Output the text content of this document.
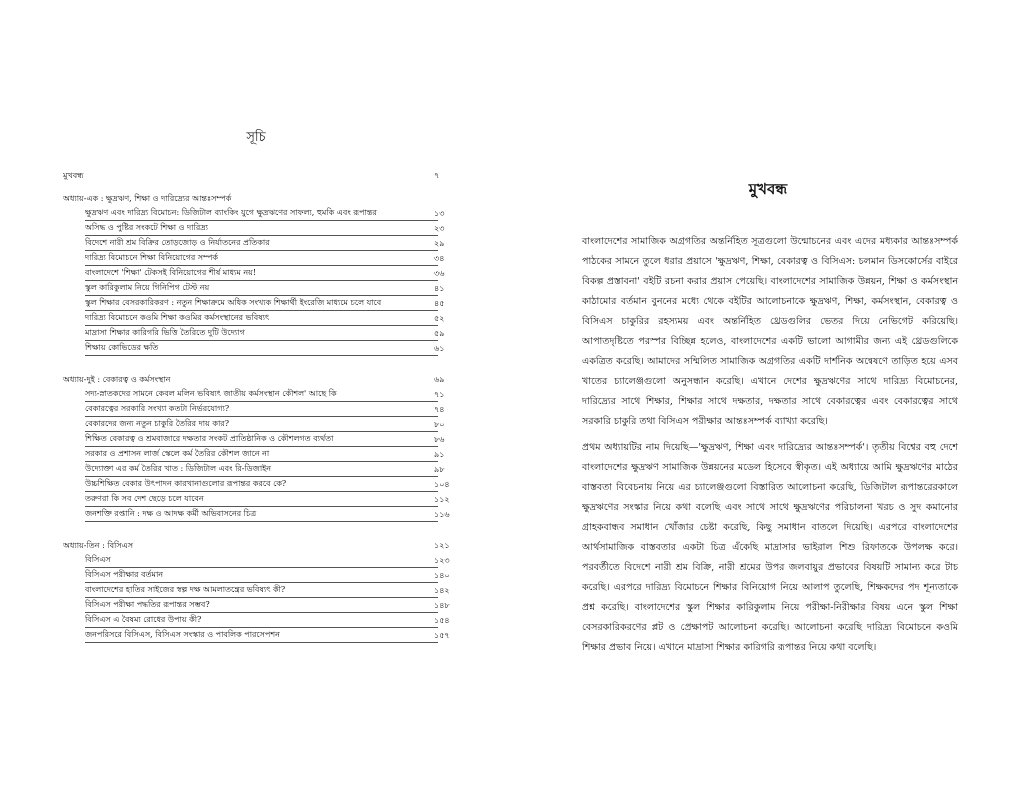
সূচি
মুখবন্ধ	৭
অধ্যায়-এক : ক্ষুদ্রঋণ, শিক্ষা ও দারিদ্র্যের আন্তঃসম্পর্ক
ক্ষুদ্রঋণ এবং দারিদ্র্য বিমোচন: ডিজিটাল ব্যাংকিং যুগে ক্ষুদ্রঋণের সাফল্য, হুমকি এবং রূপান্তর	১৩
অসিদ্ধ ও পুষ্টির সংকটে শিক্ষা ও দারিদ্র্য	২৩
বিদেশে নারী শ্রম বিক্রির তোড়জোড় ও নির্যাতনের প্রতিকার	২৯
দারিদ্র্য বিমোচনে শিক্ষা বিনিয়োগের সম্পর্ক	৩৪
বাংলাদেশে 'শিক্ষা' টেকসই বিনিয়োগের শীর্ষ মাধ্যম নয়!	৩৬
স্কুল কারিকুলাম নিয়ে গিনিপিগ টেস্ট নয়	৪১
স্কুল শিক্ষার বেসরকারিকরণ : নতুন শিক্ষাক্রমে অধিক সংখ্যক শিক্ষার্থী ইংরেজি মাধ্যমে চলে যাবে	৪৫
দারিদ্র্য বিমোচনে কওমি শিক্ষা কওমির কর্মসংস্থানের ভবিষ্যৎ	৫২
মাদ্রাসা শিক্ষার কারিগরি ভিত্তি তৈরিতে দুটি উদ্যোগ	৫৯
শিক্ষায় কোভিডের ক্ষতি	৬১
অধ্যায়-দুই : বেকারত্ব ও কর্মসংস্থান	৬৯
সদ্য-স্নাতকদের সামনে কেবল মলিন ভবিষ্যৎ জাতীয় কর্মসংস্থান কৌশল' আছে কি	৭১
বেকারত্বের সরকারি সংখ্যা কতটা নির্ভরযোগ্য?	৭৪
বেকারদের জন্য নতুন চাকুরি তৈরির দায় কার?	৮০
শিক্ষিত বেকারত্ব ও শ্রমবাজারে দক্ষতার সংকট প্রাতিষ্ঠানিক ও কৌশলগত ব্যর্থতা	৮৬
সরকার ও প্রশাসন লার্জ স্কেলে কর্ম তৈরির কৌশল জানে না	৯১
উদ্যোক্তা এর কর্ম তৈরির খাত : ডিজিটাল এবং রি-ডিজাইন	৯৮
উচ্চশিক্ষিত বেকার উৎপাদন কারখানাগুলোর রূপান্তর করবে কে?	১০৪
তরুণরা কি সব দেশ ছেড়ে চলে যাবেন	১১২
জনশক্তি রপ্তানি : দক্ষ ও আদক্ষ কর্মী অভিবাসনের চিত্র	১১৬
অধ্যায়-তিন : বিসিএস	১২১
বিসিএস	১২৩
বিসিএস পরীক্ষার বর্তমান	১৪০
বাংলাদেশের হাতির সাইজের স্বল্প দক্ষ আমলাতন্ত্রের ভবিষ্যৎ কী?	১৪২
বিসিএস পরীক্ষা পদ্ধতির রূপান্তর সম্ভব?	১৪৮
বিসিএস এ বৈষম্য রোধের উপায় কী?	১৫৪
জনপরিসরে বিসিএস, বিসিএস সংস্কার ও পাবলিক পারসেপশন	১৫৭
মুখবন্ধ

বাংলাদেশের সামাজিক অগ্রগতির অন্তর্নিহিত সূত্রগুলো উন্মোচনের এবং এদের মধ্যকার আন্তঃসম্পর্ক পাঠকের সামনে তুলে ধরার প্রয়াসে 'ক্ষুদ্রঋণ, শিক্ষা, বেকারত্ব ও বিসিএস: চলমান ডিসকোর্সের বাইরে বিকল্প প্রস্তাবনা' বইটি রচনা করার প্রয়াস পেয়েছি। বাংলাদেশের সামাজিক উন্নয়ন, শিক্ষা ও কর্মসংস্থান কাঠামোর বর্তমান বুননের মধ্যে থেকে বইটির আলোচনাকে ক্ষুদ্রঋণ, শিক্ষা, কর্মসংস্থান, বেকারত্ব ও বিসিএস চাকুরির রহস্যময় এবং অন্তর্নিহিত থ্রেডগুলির ভেতর দিয়ে নেভিগেট করিয়েছি। আপাতদৃষ্টিতে পরস্পর বিচ্ছিন্ন হলেও, বাংলাদেশের একটি ভালো আগামীর জন্য এই থ্রেডগুলিকে একত্রিত করেছি। আমাদের সম্মিলিত সামাজিক অগ্রগতির একটি দার্শনিক অন্বেষণে তাড়িত হয়ে এসব খাতের চ্যালেঞ্জগুলো অনুসন্ধান করেছি। এখানে দেশের ক্ষুদ্রঋণের সাথে দারিদ্র্য বিমোচনের, দারিদ্র্যের সাথে শিক্ষার, শিক্ষার সাথে দক্ষতার, দক্ষতার সাথে বেকারত্বের এবং বেকারত্বের সাথে সরকারি চাকুরি তথা বিসিএস পরীক্ষার আন্তঃসম্পর্ক ব্যাখ্যা করেছি।

প্রথম অধ্যায়টির নাম দিয়েছি—'ক্ষুদ্রঋণ, শিক্ষা এবং দারিদ্র্যের আন্তঃসম্পর্ক'। তৃতীয় বিশ্বের বহু দেশে বাংলাদেশের ক্ষুদ্রঋণ সামাজিক উন্নয়নের মডেল হিসেবে স্বীকৃত। এই অধ্যায়ে আমি ক্ষুদ্রঋণের মাঠের বাস্তবতা বিবেচনায় নিয়ে এর চ্যালেঞ্জগুলো বিস্তারিত আলোচনা করেছি, ডিজিটাল রূপান্তরেরকালে ক্ষুদ্রঋণের সংস্কার নিয়ে কথা বলেছি এবং সাথে সাথে ক্ষুদ্রঋণের পরিচালনা খরচ ও সুদ কমানোর গ্রাহকবান্ধব সমাধান খোঁজার চেষ্টা করেছি, কিছু সমাধান বাতলে দিয়েছি। এরপরে বাংলাদেশের আর্থসামাজিক বাস্তবতার একটা চিত্র এঁকেছি মাদ্রাসার ভাইরাল শিশু রিফাতকে উপলক্ষ করে। পরবর্তীতে বিদেশে নারী শ্রম বিক্রি, নারী শ্রমের উপর জলবায়ুর প্রভাবের বিষয়টি সামান্য করে টাচ করেছি। এরপরে দারিদ্র্য বিমোচনে শিক্ষার বিনিয়োগ নিয়ে আলাপ তুলেছি, শিক্ষকদের পদ শূন্যতাকে প্রশ্ন করেছি। বাংলাদেশের স্কুল শিক্ষার কারিকুলাম নিয়ে পরীক্ষা-নিরীক্ষার বিষয় এনে স্কুল শিক্ষা বেসরকারিকরণের প্লট ও প্রেক্ষাপট আলোচনা করেছি। আলোচনা করেছি দারিদ্র্য বিমোচনে কওমি শিক্ষার প্রভাব নিয়ে। এখানে মাদ্রাসা শিক্ষার কারিগরি রূপান্তর নিয়ে কথা বলেছি।
